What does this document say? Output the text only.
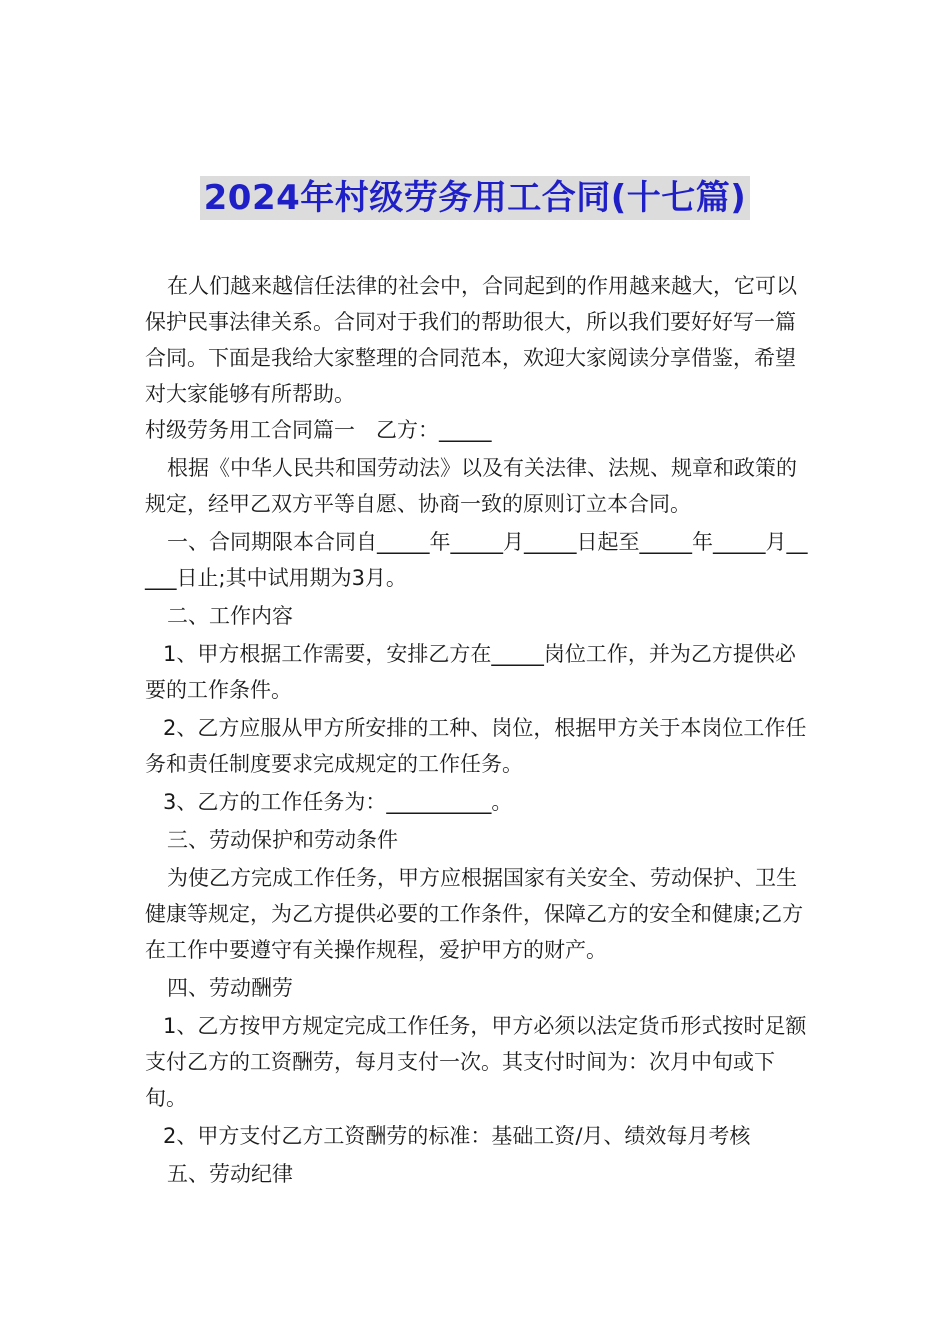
2024年村级劳务用工合同(十七篇)

在人们越来越信任法律的社会中，合同起到的作用越来越大，它可以保护民事法律关系。合同对于我们的帮助很大，所以我们要好好写一篇合同。下面是我给大家整理的合同范本，欢迎大家阅读分享借鉴，希望对大家能够有所帮助。

村级劳务用工合同篇一　乙方：_____

根据《中华人民共和国劳动法》以及有关法律、法规、规章和政策的规定，经甲乙双方平等自愿、协商一致的原则订立本合同。

一、合同期限本合同自_____年_____月_____日起至_____年_____月_____日止;其中试用期为3月。

二、工作内容

1、甲方根据工作需要，安排乙方在_____岗位工作，并为乙方提供必要的工作条件。

2、乙方应服从甲方所安排的工种、岗位，根据甲方关于本岗位工作任务和责任制度要求完成规定的工作任务。

3、乙方的工作任务为：__________。

三、劳动保护和劳动条件

为使乙方完成工作任务，甲方应根据国家有关安全、劳动保护、卫生健康等规定，为乙方提供必要的工作条件，保障乙方的安全和健康;乙方在工作中要遵守有关操作规程，爱护甲方的财产。

四、劳动酬劳

1、乙方按甲方规定完成工作任务，甲方必须以法定货币形式按时足额支付乙方的工资酬劳，每月支付一次。其支付时间为：次月中旬或下旬。

2、甲方支付乙方工资酬劳的标准：基础工资/月、绩效每月考核

五、劳动纪律
